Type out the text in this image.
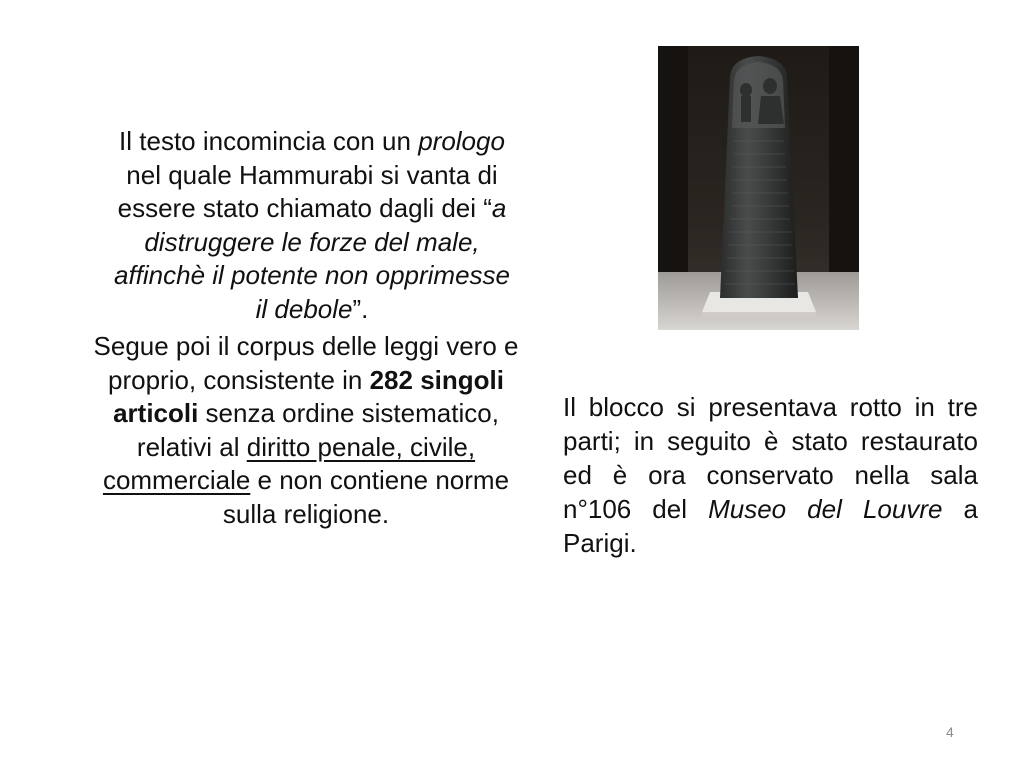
Il testo incomincia con un prologo nel quale Hammurabi si vanta di essere stato chiamato dagli dei “a distruggere le forze del male, affinchè il potente non opprimesse il debole”.

Segue poi il corpus delle leggi vero e proprio, consistente in 282 singoli articoli senza ordine sistematico, relativi al diritto penale, civile, commerciale e non contiene norme sulla religione.

Il blocco si presentava rotto in tre parti; in seguito è stato restaurato ed è ora conservato nella sala n°106 del Museo del Louvre a Parigi.

4
